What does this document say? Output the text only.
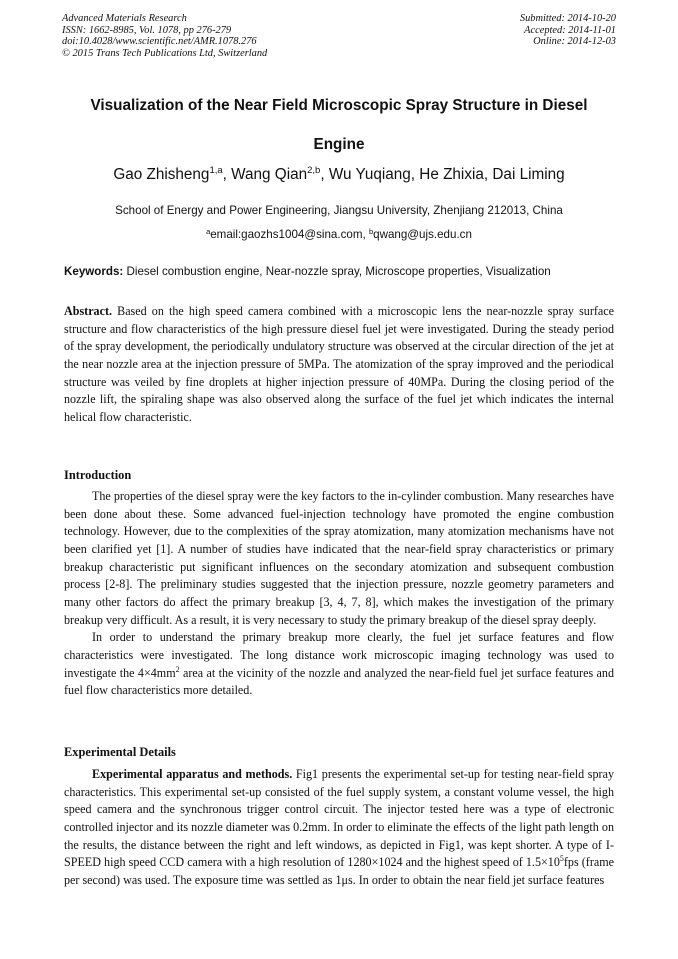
Advanced Materials Research
ISSN: 1662-8985, Vol. 1078, pp 276-279
doi:10.4028/www.scientific.net/AMR.1078.276
© 2015 Trans Tech Publications Ltd, Switzerland
Submitted: 2014-10-20
Accepted: 2014-11-01
Online: 2014-12-03
Visualization of the Near Field Microscopic Spray Structure in Diesel
Engine
Gao Zhisheng$^{1,a}$, Wang Qian$^{2,b}$, Wu Yuqiang, He Zhixia, Dai Liming
School of Energy and Power Engineering, Jiangsu University, Zhenjiang 212013, China
$^a$email:gaozhs1004@sina.com, $^b$qwang@ujs.edu.cn
Keywords: Diesel combustion engine, Near-nozzle spray, Microscope properties, Visualization

Abstract. Based on the high speed camera combined with a microscopic lens the near-nozzle spray surface structure and flow characteristics of the high pressure diesel fuel jet were investigated. During the steady period of the spray development, the periodically undulatory structure was observed at the circular direction of the jet at the near nozzle area at the injection pressure of 5MPa. The atomization of the spray improved and the periodical structure was veiled by fine droplets at higher injection pressure of 40MPa. During the closing period of the nozzle lift, the spiraling shape was also observed along the surface of the fuel jet which indicates the internal helical flow characteristic.

Introduction

The properties of the diesel spray were the key factors to the in-cylinder combustion. Many researches have been done about these. Some advanced fuel-injection technology have promoted the engine combustion technology. However, due to the complexities of the spray atomization, many atomization mechanisms have not been clarified yet [1]. A number of studies have indicated that the near-field spray characteristics or primary breakup characteristic put significant influences on the secondary atomization and subsequent combustion process [2-8]. The preliminary studies suggested that the injection pressure, nozzle geometry parameters and many other factors do affect the primary breakup [3, 4, 7, 8], which makes the investigation of the primary breakup very difficult. As a result, it is very necessary to study the primary breakup of the diesel spray deeply.

In order to understand the primary breakup more clearly, the fuel jet surface features and flow characteristics were investigated. The long distance work microscopic imaging technology was used to investigate the $4\times 4mm^2$ area at the vicinity of the nozzle and analyzed the near-field fuel jet surface features and fuel flow characteristics more detailed.

Experimental Details

Experimental apparatus and methods. Fig1 presents the experimental set-up for testing near-field spray characteristics. This experimental set-up consisted of the fuel supply system, a constant volume vessel, the high speed camera and the synchronous trigger control circuit. The injector tested here was a type of electronic controlled injector and its nozzle diameter was 0.2mm. In order to eliminate the effects of the light path length on the results, the distance between the right and left windows, as depicted in Fig1, was kept shorter. A type of I-SPEED high speed CCD camera with a high resolution of 1280×1024 and the highest speed of $1.5\times 10^5fps$ (frame per second) was used. The exposure time was settled as 1μs. In order to obtain the near field jet surface features
